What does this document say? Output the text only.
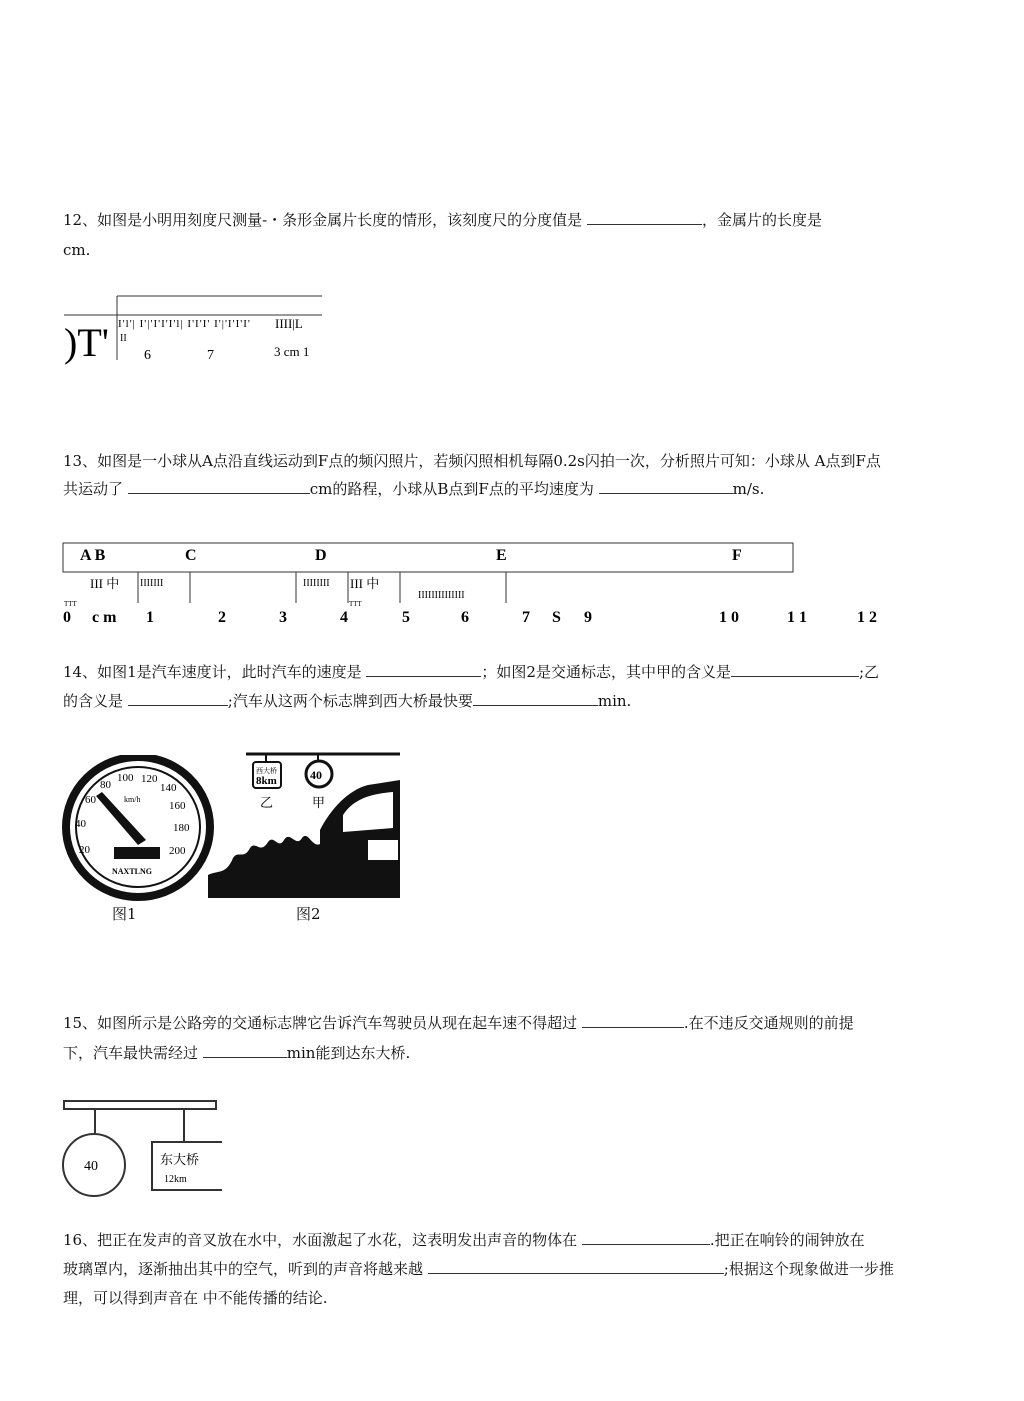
12、如图是小明用刻度尺测量-・条形金属片长度的情形，该刻度尺的分度值是	，金属片的长度是
cm.
)T' I'l'| I'|'I'I'I'l| I'I'I' I'|'I'I'I'
II
6	7
IIII|L
3 cm 1
13、如图是一小球从A点沿直线运动到F点的频闪照片，若频闪照相机每隔0.2s闪拍一次，分析照片可知：小球从 A点到F点
共运动了	cm的路程，小球从B点到F点的平均速度为	m/s.
A B	C	D	E	F
III 中 IIIIIII	IIIIIIII III 中
IIIIIIIIIIIIII
TTT	TTT
0 c m 1	2	3	4	5	6	7 S 9	1 0	1 1	1 2
14、如图1是汽车速度计，此时汽车的速度是	；如图2是交通标志，其中甲的含义是	;乙
的含义是	;汽车从这两个标志牌到西大桥最快要	min.
20
40
60
80
100 120
140
160
180
200
km/h
NAXTLNG
西大桥
8km	40
乙	甲
图1	图2
15、如图所示是公路旁的交通标志牌它告诉汽车驾驶员从现在起车速不得超过	.在不违反交通规则的前提
下，汽车最快需经过	min能到达东大桥.
40	东大桥
12km
16、把正在发声的音叉放在水中，水面激起了水花，这表明发出声音的物体在	.把正在响铃的闹钟放在
玻璃罩内，逐渐抽出其中的空气，听到的声音将越来越	;根据这个现象做进一步推
理，可以得到声音在 中不能传播的结论.
